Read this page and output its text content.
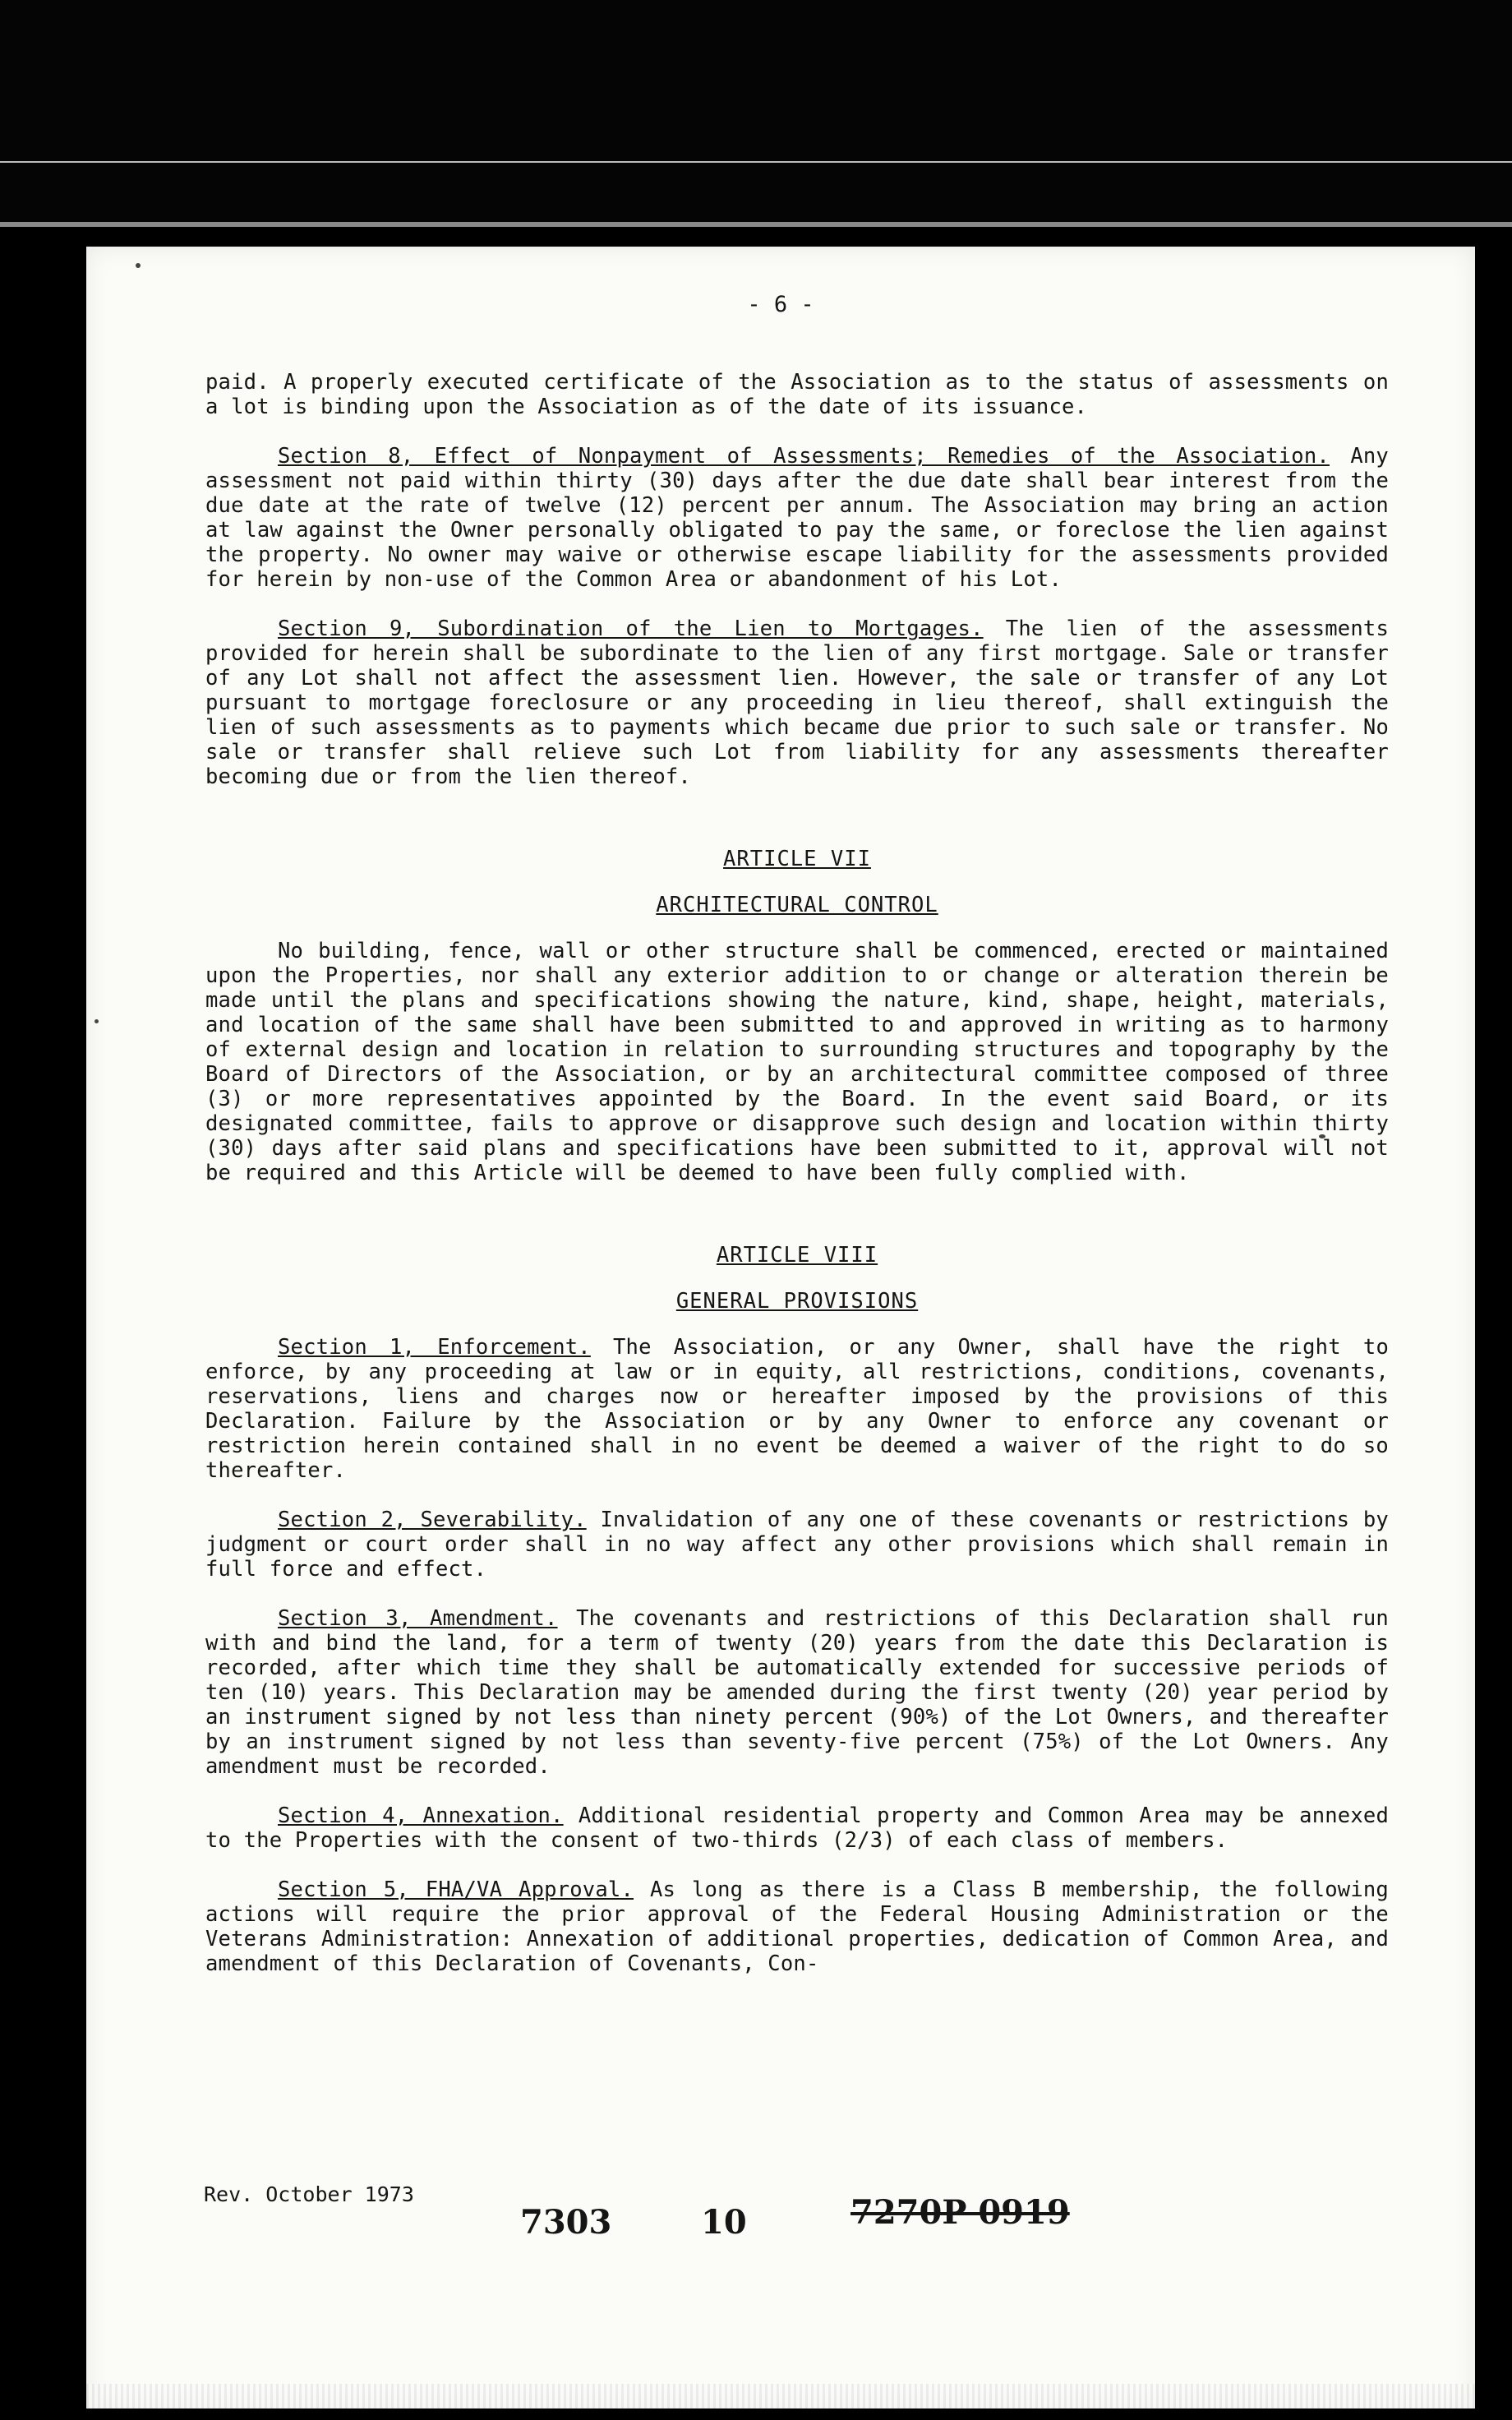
- 6 -

paid. A properly executed certificate of the Association as to the status of assessments on a lot is binding upon the Association as of the date of its issuance.

Section 8, Effect of Nonpayment of Assessments; Remedies of the Association. Any assessment not paid within thirty (30) days after the due date shall bear interest from the due date at the rate of twelve (12) percent per annum. The Association may bring an action at law against the Owner personally obligated to pay the same, or foreclose the lien against the property. No owner may waive or otherwise escape liability for the assessments provided for herein by non-use of the Common Area or abandonment of his Lot.

Section 9, Subordination of the Lien to Mortgages. The lien of the assessments provided for herein shall be subordinate to the lien of any first mortgage. Sale or transfer of any Lot shall not affect the assessment lien. However, the sale or transfer of any Lot pursuant to mortgage foreclosure or any proceeding in lieu thereof, shall extinguish the lien of such assessments as to payments which became due prior to such sale or transfer. No sale or transfer shall relieve such Lot from liability for any assessments thereafter becoming due or from the lien thereof.

ARTICLE VII
ARCHITECTURAL CONTROL

No building, fence, wall or other structure shall be commenced, erected or maintained upon the Properties, nor shall any exterior addition to or change or alteration therein be made until the plans and specifications showing the nature, kind, shape, height, materials, and location of the same shall have been submitted to and approved in writing as to harmony of external design and location in relation to surrounding structures and topography by the Board of Directors of the Association, or by an architectural committee composed of three (3) or more representatives appointed by the Board. In the event said Board, or its designated committee, fails to approve or disapprove such design and location within thirty (30) days after said plans and specifications have been submitted to it, approval will not be required and this Article will be deemed to have been fully complied with.

ARTICLE VIII
GENERAL PROVISIONS

Section 1, Enforcement. The Association, or any Owner, shall have the right to enforce, by any proceeding at law or in equity, all restrictions, conditions, covenants, reservations, liens and charges now or hereafter imposed by the provisions of this Declaration. Failure by the Association or by any Owner to enforce any covenant or restriction herein contained shall in no event be deemed a waiver of the right to do so thereafter.

Section 2, Severability. Invalidation of any one of these covenants or restrictions by judgment or court order shall in no way affect any other provisions which shall remain in full force and effect.

Section 3, Amendment. The covenants and restrictions of this Declaration shall run with and bind the land, for a term of twenty (20) years from the date this Declaration is recorded, after which time they shall be automatically extended for successive periods of ten (10) years. This Declaration may be amended during the first twenty (20) year period by an instrument signed by not less than ninety percent (90%) of the Lot Owners, and thereafter by an instrument signed by not less than seventy-five percent (75%) of the Lot Owners. Any amendment must be recorded.

Section 4, Annexation. Additional residential property and Common Area may be annexed to the Properties with the consent of two-thirds (2/3) of each class of members.

Section 5, FHA/VA Approval. As long as there is a Class B membership, the following actions will require the prior approval of the Federal Housing Administration or the Veterans Administration: Annexation of additional properties, dedication of Common Area, and amendment of this Declaration of Covenants, Con-

Rev. October 1973
7303	10	7270P 0919
